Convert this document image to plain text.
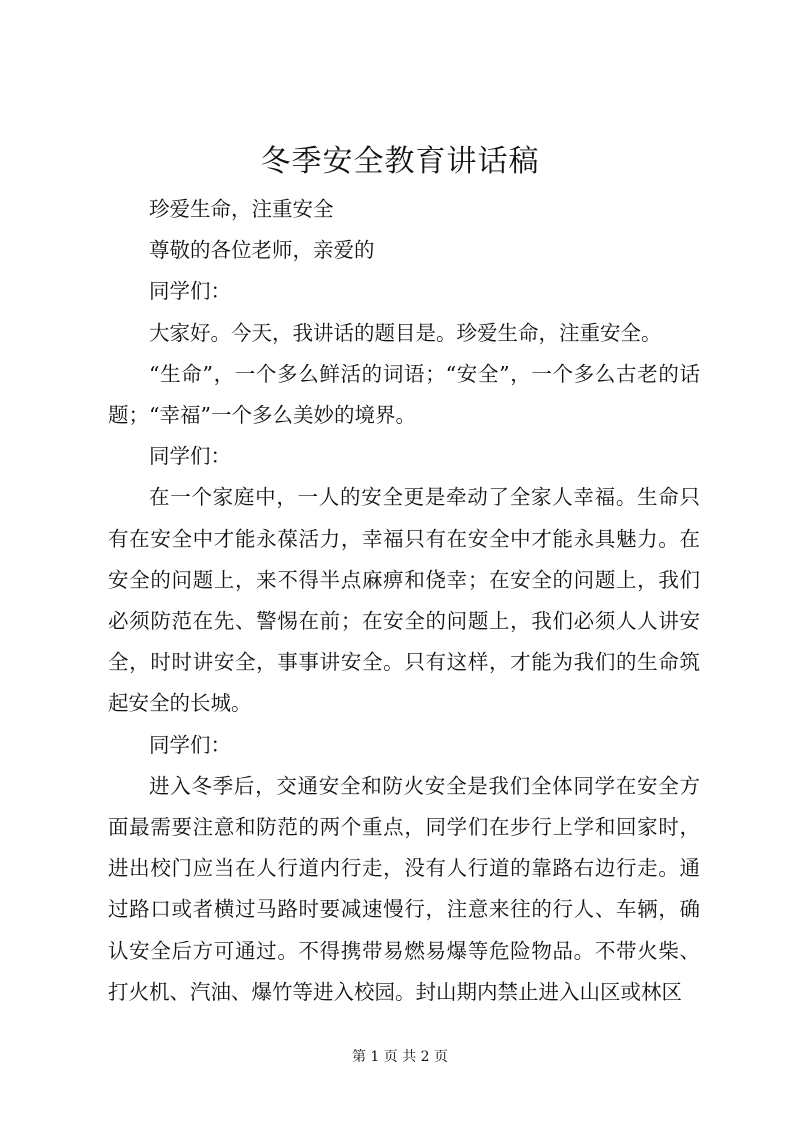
冬季安全教育讲话稿

珍爱生命，注重安全

尊敬的各位老师，亲爱的

同学们：

大家好。今天，我讲话的题目是。珍爱生命，注重安全。

“生命”，一个多么鲜活的词语；“安全”，一个多么古老的话题；“幸福”一个多么美妙的境界。

同学们：

在一个家庭中，一人的安全更是牵动了全家人幸福。生命只有在安全中才能永葆活力，幸福只有在安全中才能永具魅力。在安全的问题上，来不得半点麻痹和侥幸；在安全的问题上，我们必须防范在先、警惕在前；在安全的问题上，我们必须人人讲安全，时时讲安全，事事讲安全。只有这样，才能为我们的生命筑起安全的长城。

同学们：

进入冬季后，交通安全和防火安全是我们全体同学在安全方面最需要注意和防范的两个重点，同学们在步行上学和回家时，进出校门应当在人行道内行走，没有人行道的靠路右边行走。通过路口或者横过马路时要减速慢行，注意来往的行人、车辆，确认安全后方可通过。不得携带易燃易爆等危险物品。不带火柴、打火机、汽油、爆竹等进入校园。封山期内禁止进入山区或林区

第 1 页 共 2 页
